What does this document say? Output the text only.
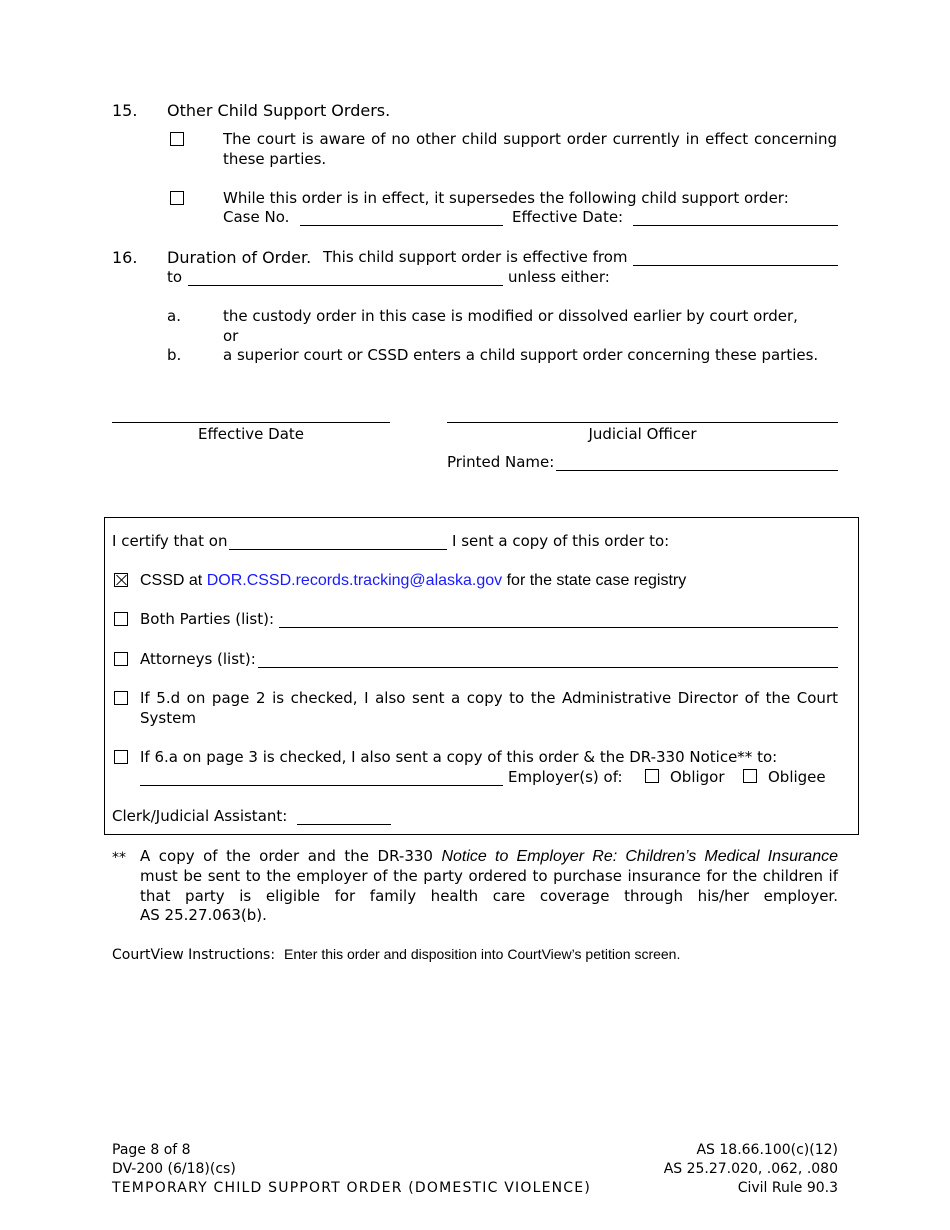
15. Other Child Support Orders.
The court is aware of no other child support order currently in effect concerning
these parties.
While this order is in effect, it supersedes the following child support order:
Case No.	Effective Date:
16. Duration of Order. This child support order is effective from
to	unless either:
a.	the custody order in this case is modified or dissolved earlier by court order,
or
b.	a superior court or CSSD enters a child support order concerning these parties.
Effective Date	Judicial Officer
Printed Name:
I certify that on	I sent a copy of this order to:
CSSD at DOR.CSSD.records.tracking@alaska.gov for the state case registry
Both Parties (list):
Attorneys (list):
If 5.d on page 2 is checked, I also sent a copy to the Administrative Director of the Court
System
If 6.a on page 3 is checked, I also sent a copy of this order & the DR-330 Notice** to:
Employer(s) of:	Obligor	Obligee
Clerk/Judicial Assistant:
** A copy of the order and the DR-330 Notice to Employer Re: Children’s Medical Insurance
must be sent to the employer of the party ordered to purchase insurance for the children if
that party is eligible for family health care coverage through his/her employer.
AS 25.27.063(b).
CourtView Instructions: Enter this order and disposition into CourtView’s petition screen.
Page 8 of 8
DV-200 (6/18)(cs)
TEMPORARY CHILD SUPPORT ORDER (DOMESTIC VIOLENCE)
AS 18.66.100(c)(12)
AS 25.27.020, .062, .080
Civil Rule 90.3
